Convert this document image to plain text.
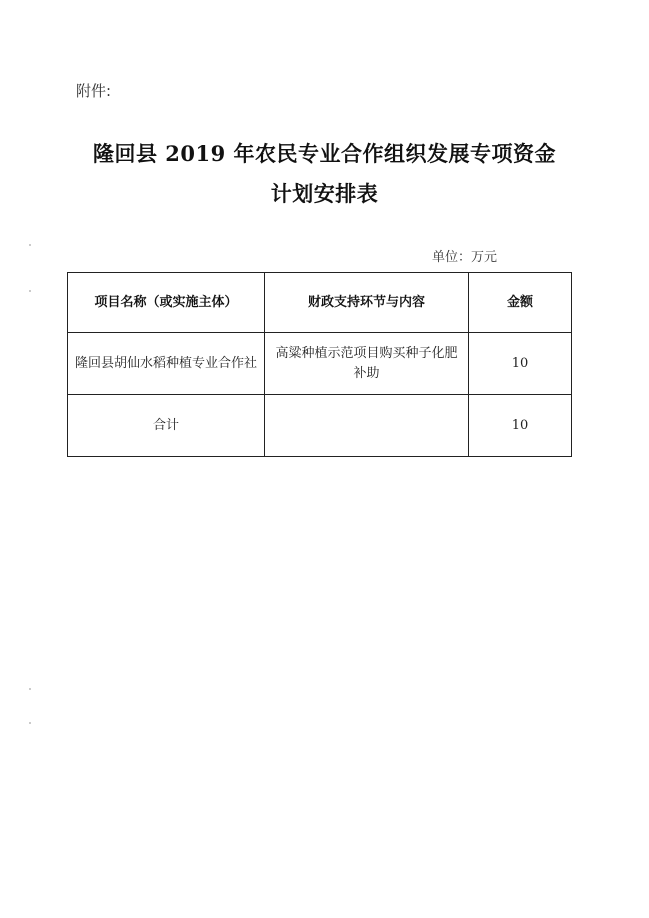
附件:
隆回县 2019 年农民专业合作组织发展专项资金
计划安排表
单位：万元
项目名称（或实施主体）	财政支持环节与内容	金额
隆回县胡仙水稻种植专业合作社	高粱种植示范项目购买种子化肥补助	10
合计		10
